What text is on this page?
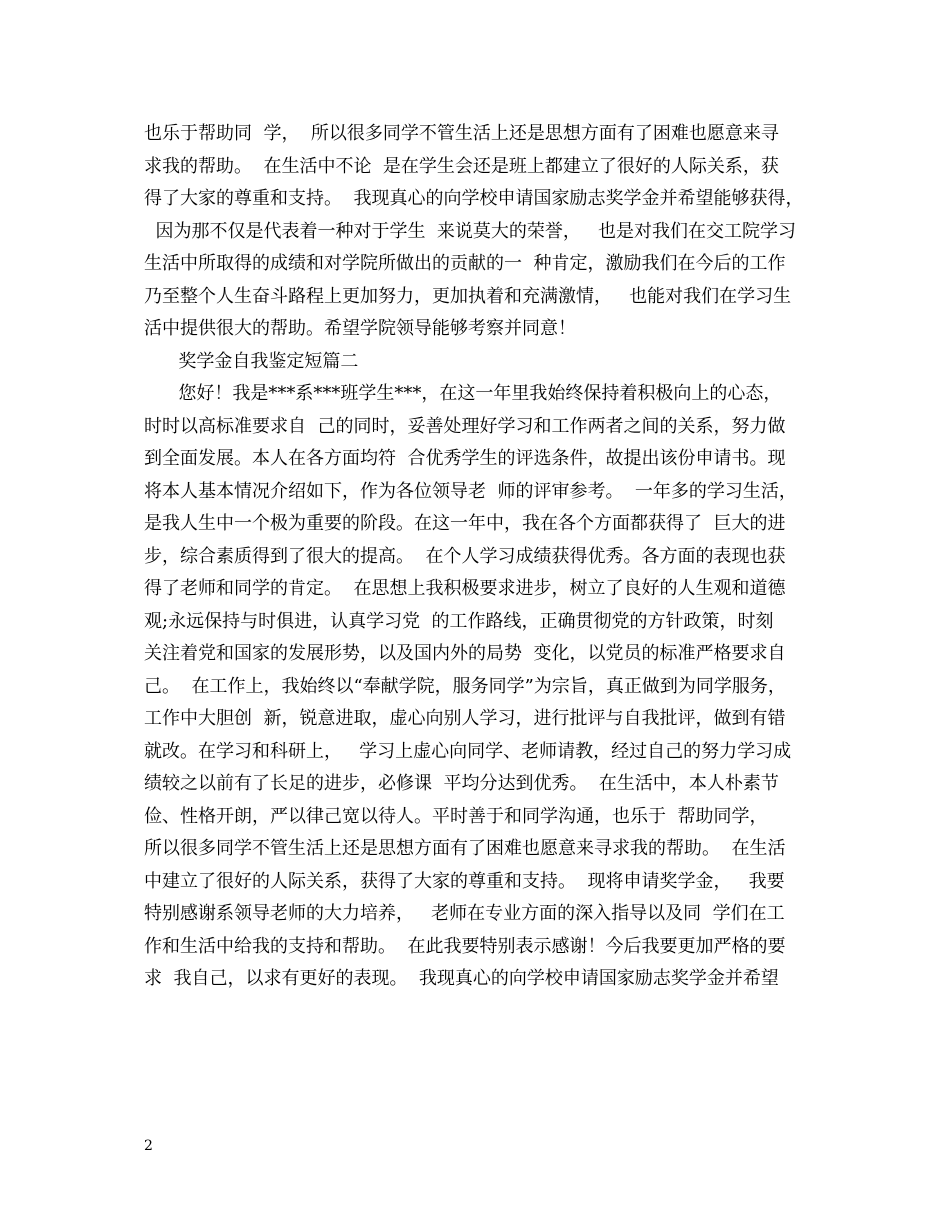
也乐于帮助同  学，  所以很多同学不管生活上还是思想方面有了困难也愿意来寻
求我的帮助。  在生活中不论  是在学生会还是班上都建立了很好的人际关系，获
得了大家的尊重和支持。  我现真心的向学校申请国家励志奖学金并希望能够获得，
因为那不仅是代表着一种对于学生  来说莫大的荣誉，   也是对我们在交工院学习
生活中所取得的成绩和对学院所做出的贡献的一  种肯定，激励我们在今后的工作
乃至整个人生奋斗路程上更加努力，更加执着和充满激情，   也能对我们在学习生
活中提供很大的帮助。希望学院领导能够考察并同意！
奖学金自我鉴定短篇二
您好！我是***系***班学生***，在这一年里我始终保持着积极向上的心态，
时时以高标准要求自  己的同时，妥善处理好学习和工作两者之间的关系，努力做
到全面发展。本人在各方面均符  合优秀学生的评选条件，故提出该份申请书。现
将本人基本情况介绍如下，作为各位领导老  师的评审参考。  一年多的学习生活，
是我人生中一个极为重要的阶段。在这一年中，我在各个方面都获得了  巨大的进
步，综合素质得到了很大的提高。  在个人学习成绩获得优秀。各方面的表现也获
得了老师和同学的肯定。  在思想上我积极要求进步，树立了良好的人生观和道德
观;永远保持与时俱进，认真学习党  的工作路线，正确贯彻党的方针政策，时刻
关注着党和国家的发展形势，以及国内外的局势  变化，以党员的标准严格要求自
己。  在工作上，我始终以“奉献学院，服务同学”为宗旨，真正做到为同学服务，
工作中大胆创  新，锐意进取，虚心向别人学习，进行批评与自我批评，做到有错
就改。在学习和科研上，   学习上虚心向同学、老师请教，经过自己的努力学习成
绩较之以前有了长足的进步，必修课  平均分达到优秀。  在生活中，本人朴素节
俭、性格开朗，严以律己宽以待人。平时善于和同学沟通，也乐于  帮助同学，
所以很多同学不管生活上还是思想方面有了困难也愿意来寻求我的帮助。  在生活
中建立了很好的人际关系，获得了大家的尊重和支持。  现将申请奖学金，   我要
特别感谢系领导老师的大力培养，   老师在专业方面的深入指导以及同  学们在工
作和生活中给我的支持和帮助。  在此我要特别表示感谢！今后我要更加严格的要
求  我自己，以求有更好的表现。  我现真心的向学校申请国家励志奖学金并希望
2
